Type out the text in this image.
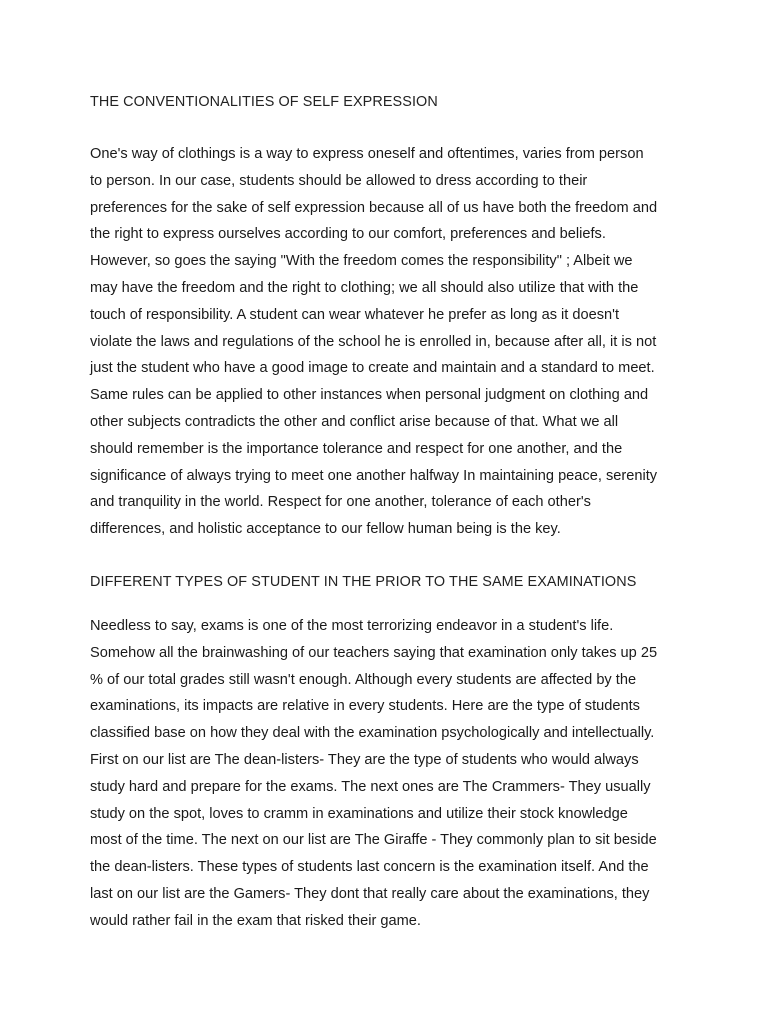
THE CONVENTIONALITIES OF SELF EXPRESSION
One's way of clothings is a way to express oneself and oftentimes, varies from person
to person. In our case, students should be allowed to dress according to their
preferences for the sake of self expression because all of us have both the freedom and
the right to express ourselves according to our comfort, preferences and beliefs.
However, so goes the saying "With the freedom comes the responsibility" ; Albeit we
may have the freedom and the right to clothing; we all should also utilize that with the
touch of responsibility. A student can wear whatever he prefer as long as it doesn't
violate the laws and regulations of the school he is enrolled in, because after all, it is not
just the student who have a good image to create and maintain and a standard to meet.
Same rules can be applied to other instances when personal judgment on clothing and
other subjects contradicts the other and conflict arise because of that. What we all
should remember is the importance tolerance and respect for one another, and the
significance of always trying to meet one another halfway In maintaining peace, serenity
and tranquility in the world. Respect for one another, tolerance of each other's
differences, and holistic acceptance to our fellow human being is the key.
DIFFERENT TYPES OF STUDENT IN THE PRIOR TO THE SAME EXAMINATIONS
Needless to say, exams is one of the most terrorizing endeavor in a student's life.
Somehow all the brainwashing of our teachers saying that examination only takes up 25
% of our total grades still wasn't enough. Although every students are affected by the
examinations, its impacts are relative in every students. Here are the type of students
classified base on how they deal with the examination psychologically and intellectually.
First on our list are The dean-listers- They are the type of students who would always
study hard and prepare for the exams. The next ones are The Crammers- They usually
study on the spot, loves to cramm in examinations and utilize their stock knowledge
most of the time. The next on our list are The Giraffe - They commonly plan to sit beside
the dean-listers. These types of students last concern is the examination itself. And the
last on our list are the Gamers- They dont that really care about the examinations, they
would rather fail in the exam that risked their game.
